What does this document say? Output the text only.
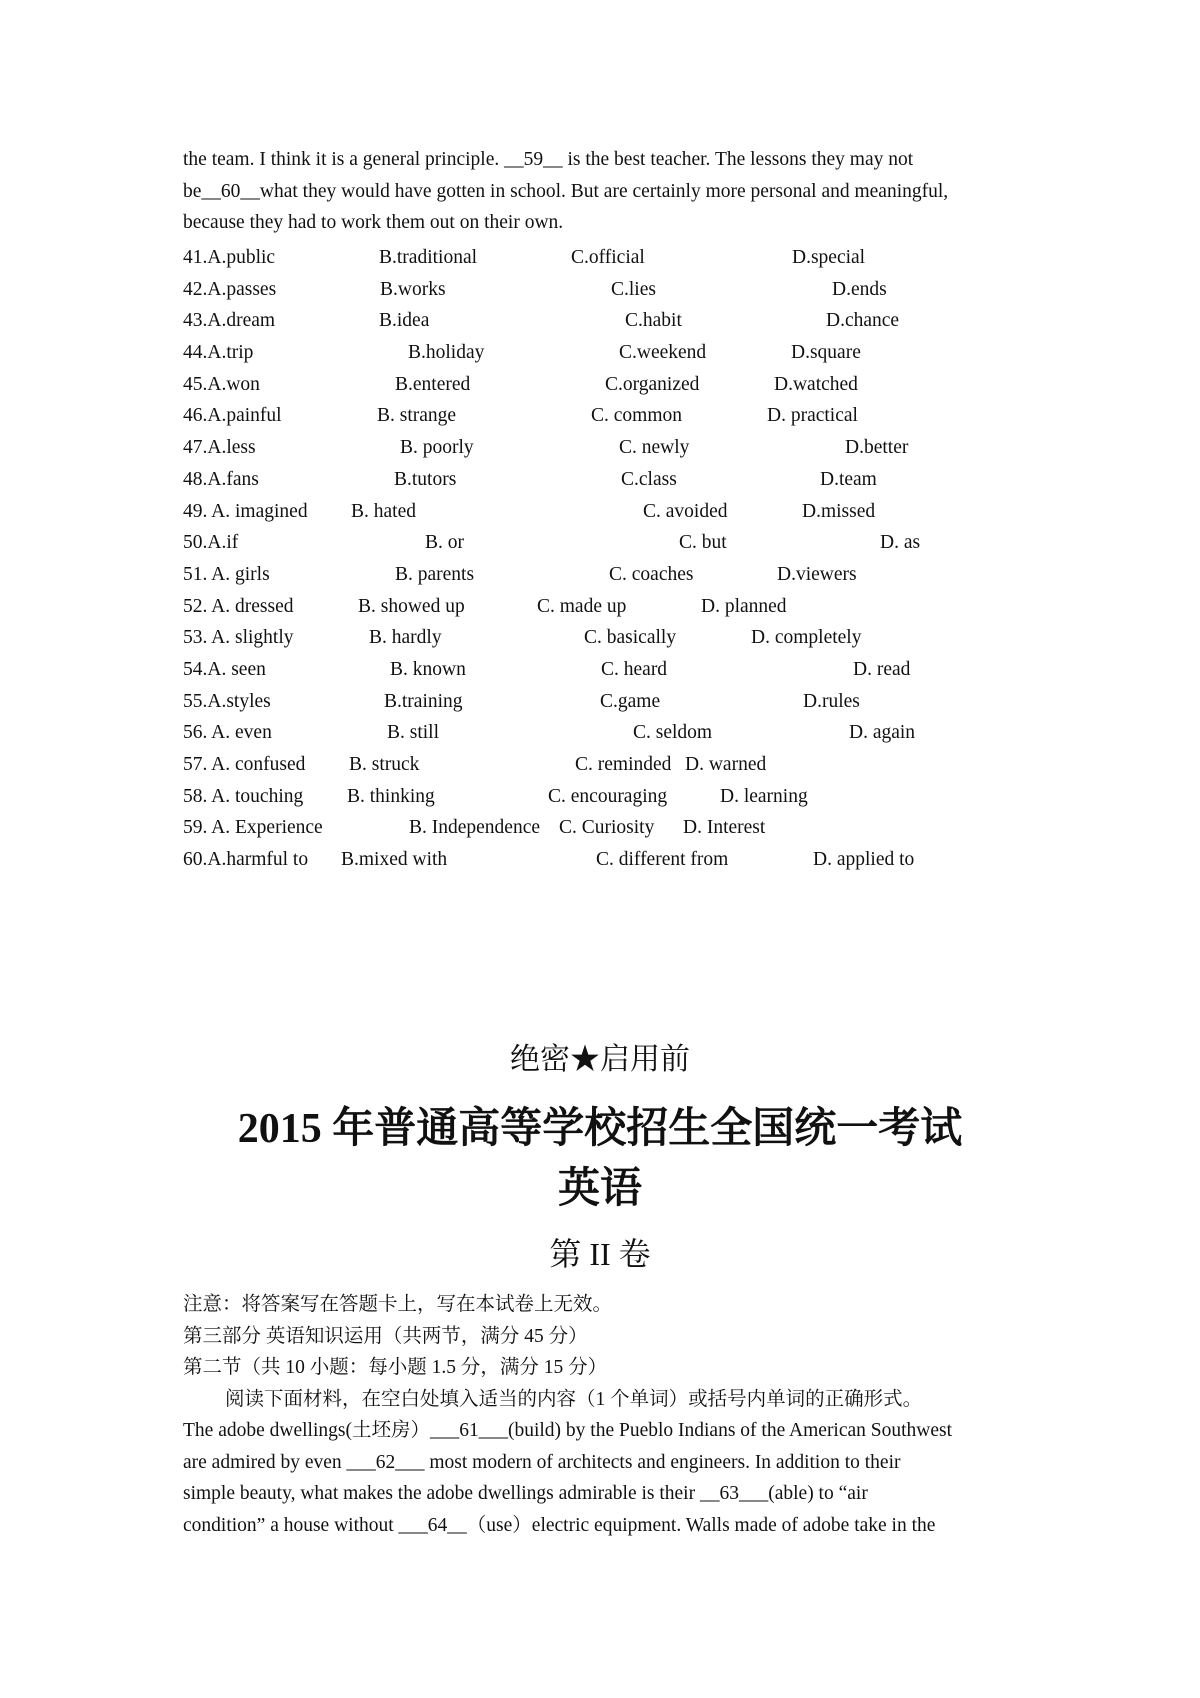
the team. I think it is a general principle. __59__ is the best teacher. The lessons they may not

be__60__what they would have gotten in school. But are certainly more personal and meaningful,

because they had to work them out on their own.

41.A.public	B.traditional	C.official	D.special
42.A.passes	B.works	C.lies	D.ends
43.A.dream	B.idea	C.habit	D.chance
44.A.trip	B.holiday	C.weekend	D.square
45.A.won	B.entered	C.organized	D.watched
46.A.painful	B. strange	C. common	D. practical
47.A.less	B. poorly	C. newly	D.better
48.A.fans	B.tutors	C.class	D.team
49. A. imagined B. hated	C. avoided	D.missed
50.A.if	B. or	C. but	D. as
51. A. girls	B. parents	C. coaches	D.viewers
52. A. dressed	B. showed up	C. made up	D. planned
53. A. slightly	B. hardly	C. basically	D. completely
54.A. seen	B. known	C. heard	D. read
55.A.styles	B.training	C.game	D.rules
56. A. even	B. still	C. seldom	D. again
57. A. confused B. struck	C. reminded D. warned
58. A. touching B. thinking	C. encouraging	D. learning
59. A. Experience	B. Independence C. Curiosity D. Interest
60.A.harmful to B.mixed with	C. different from	D. applied to
绝密★启用前
2015 年普通高等学校招生全国统一考试
英语
第 II 卷
注意：将答案写在答题卡上，写在本试卷上无效。
第三部分 英语知识运用（共两节，满分 45 分）
第二节（共 10 小题：每小题 1.5 分，满分 15 分）
阅读下面材料，在空白处填入适当的内容（1 个单词）或括号内单词的正确形式。

The adobe dwellings(土坯房）___61___(build) by the Pueblo Indians of the American Southwest

are admired by even ___62___ most modern of architects and engineers. In addition to their

simple beauty, what makes the adobe dwellings admirable is their __63___(able) to “air

condition” a house without ___64__（use）electric equipment. Walls made of adobe take in the
